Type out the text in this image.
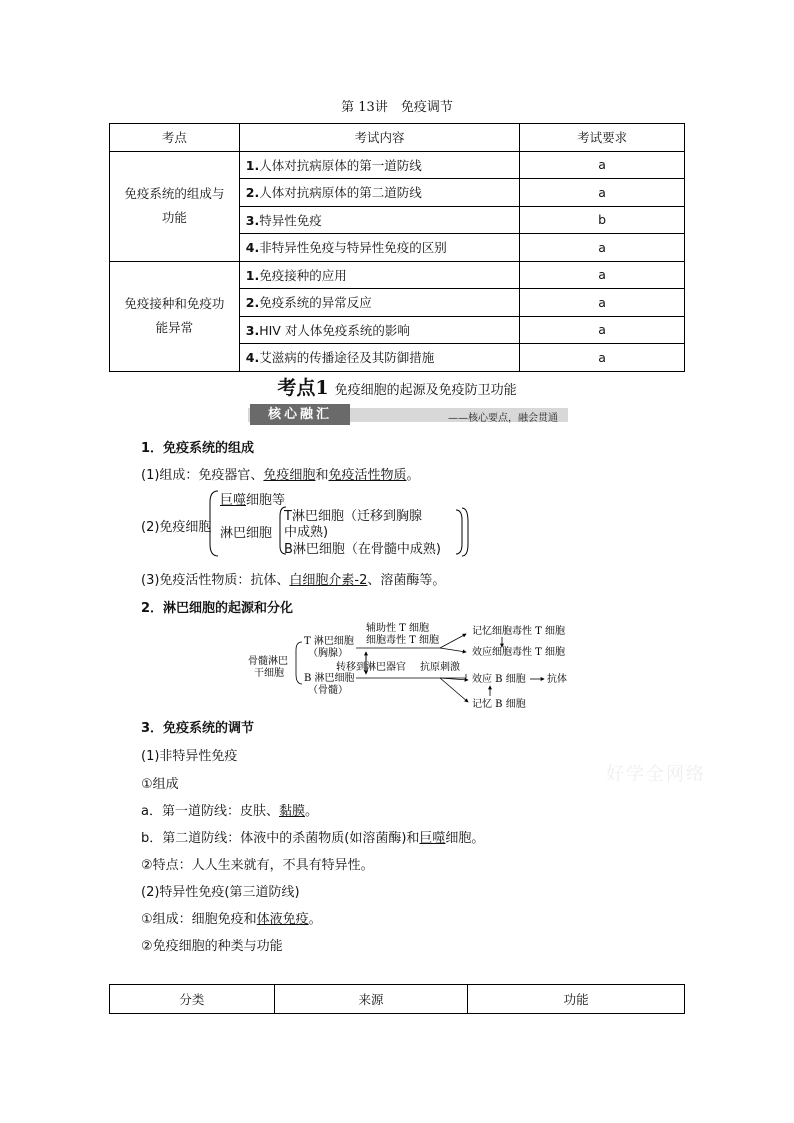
第 13讲　免疫调节
考点	考试内容	考试要求
免疫系统的组成与
功能	1.人体对抗病原体的第一道防线	a
	2.人体对抗病原体的第二道防线	a
	3.特异性免疫	b
	4.非特异性免疫与特异性免疫的区别	a
免疫接种和免疫功
能异常	1.免疫接种的应用	a
	2.免疫系统的异常反应	a
	3.HIV 对人体免疫系统的影响	a
	4.艾滋病的传播途径及其防御措施	a
考点1 免疫细胞的起源及免疫防卫功能
核心融汇	——核心要点，融会贯通
1．免疫系统的组成
(1)组成：免疫器官、免疫细胞和免疫活性物质。
(2)免疫细胞
巨噬细胞等
淋巴细胞
T淋巴细胞（迁移到胸腺
中成熟)
B淋巴细胞（在骨髓中成熟)
(3)免疫活性物质：抗体、白细胞介素-2、溶菌酶等。
2．淋巴细胞的起源和分化
骨髓淋巴
干细胞
T 淋巴细胞
（胸腺）
B 淋巴细胞
（骨髓）
辅助性 T 细胞
细胞毒性 T 细胞
转移到淋巴器官 抗原刺激
记忆细胞毒性 T 细胞
效应细胞毒性 T 细胞
效应 B 细胞 抗体
记忆 B 细胞
3．免疫系统的调节
(1)非特异性免疫
①组成
a．第一道防线：皮肤、黏膜。
b．第二道防线：体液中的杀菌物质(如溶菌酶)和巨噬细胞。
②特点：人人生来就有，不具有特异性。
(2)特异性免疫(第三道防线)
①组成：细胞免疫和体液免疫。
②免疫细胞的种类与功能
分类	来源	功能
好学全网络
